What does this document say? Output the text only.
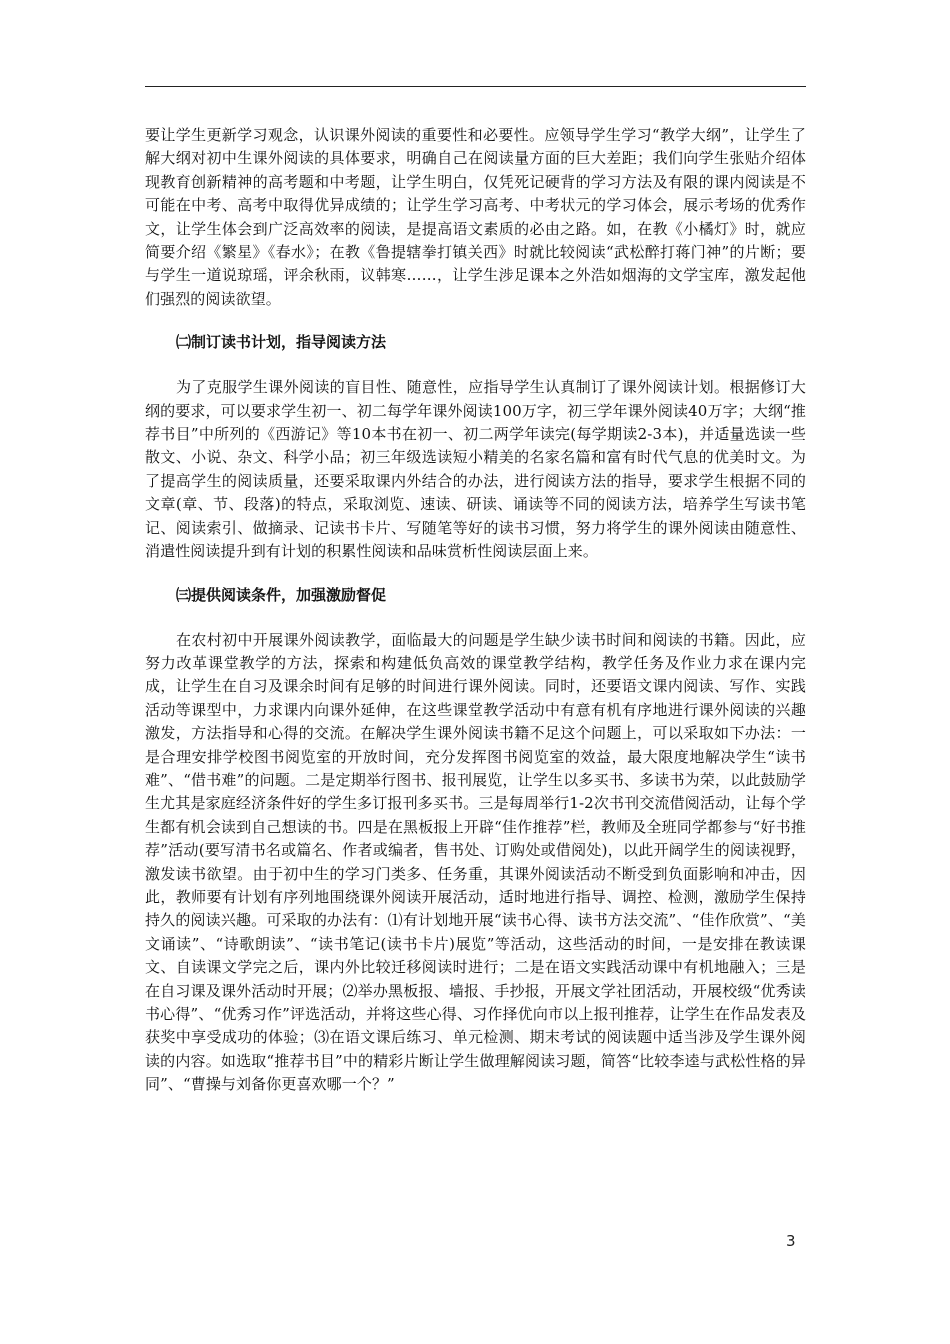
要让学生更新学习观念，认识课外阅读的重要性和必要性。应领导学生学习“教学大纲”，让学生了解大纲对初中生课外阅读的具体要求，明确自己在阅读量方面的巨大差距；我们向学生张贴介绍体现教育创新精神的高考题和中考题，让学生明白，仅凭死记硬背的学习方法及有限的课内阅读是不可能在中考、高考中取得优异成绩的；让学生学习高考、中考状元的学习体会，展示考场的优秀作文，让学生体会到广泛高效率的阅读，是提高语文素质的必由之路。如，在教《小橘灯》时，就应简要介绍《繁星》《春水》；在教《鲁提辖拳打镇关西》时就比较阅读“武松醉打蒋门神”的片断；要与学生一道说琼瑶，评余秋雨，议韩寒……，让学生涉足课本之外浩如烟海的文学宝库，激发起他们强烈的阅读欲望。

㈡制订读书计划，指导阅读方法

为了克服学生课外阅读的盲目性、随意性，应指导学生认真制订了课外阅读计划。根据修订大纲的要求，可以要求学生初一、初二每学年课外阅读100万字，初三学年课外阅读40万字；大纲“推荐书目”中所列的《西游记》等10本书在初一、初二两学年读完(每学期读2-3本)，并适量选读一些散文、小说、杂文、科学小品；初三年级选读短小精美的名家名篇和富有时代气息的优美时文。为了提高学生的阅读质量，还要采取课内外结合的办法，进行阅读方法的指导，要求学生根据不同的文章(章、节、段落)的特点，采取浏览、速读、研读、诵读等不同的阅读方法，培养学生写读书笔记、阅读索引、做摘录、记读书卡片、写随笔等好的读书习惯，努力将学生的课外阅读由随意性、消遣性阅读提升到有计划的积累性阅读和品味赏析性阅读层面上来。

㈢提供阅读条件，加强激励督促

在农村初中开展课外阅读教学，面临最大的问题是学生缺少读书时间和阅读的书籍。因此，应努力改革课堂教学的方法，探索和构建低负高效的课堂教学结构，教学任务及作业力求在课内完成，让学生在自习及课余时间有足够的时间进行课外阅读。同时，还要语文课内阅读、写作、实践活动等课型中，力求课内向课外延伸，在这些课堂教学活动中有意有机有序地进行课外阅读的兴趣激发，方法指导和心得的交流。在解决学生课外阅读书籍不足这个问题上，可以采取如下办法：一是合理安排学校图书阅览室的开放时间，充分发挥图书阅览室的效益，最大限度地解决学生“读书难”、“借书难”的问题。二是定期举行图书、报刊展览，让学生以多买书、多读书为荣，以此鼓励学生尤其是家庭经济条件好的学生多订报刊多买书。三是每周举行1-2次书刊交流借阅活动，让每个学生都有机会读到自己想读的书。四是在黑板报上开辟“佳作推荐”栏，教师及全班同学都参与“好书推荐”活动(要写清书名或篇名、作者或编者，售书处、订购处或借阅处)，以此开阔学生的阅读视野，激发读书欲望。由于初中生的学习门类多、任务重，其课外阅读活动不断受到负面影响和冲击，因此，教师要有计划有序列地围绕课外阅读开展活动，适时地进行指导、调控、检测，激励学生保持持久的阅读兴趣。可采取的办法有：⑴有计划地开展“读书心得、读书方法交流”、“佳作欣赏”、“美文诵读”、“诗歌朗读”、“读书笔记(读书卡片)展览”等活动，这些活动的时间，一是安排在教读课文、自读课文学完之后，课内外比较迁移阅读时进行；二是在语文实践活动课中有机地融入；三是在自习课及课外活动时开展；⑵举办黑板报、墙报、手抄报，开展文学社团活动，开展校级“优秀读书心得”、“优秀习作”评选活动，并将这些心得、习作择优向市以上报刊推荐，让学生在作品发表及获奖中享受成功的体验；⑶在语文课后练习、单元检测、期末考试的阅读题中适当涉及学生课外阅读的内容。如选取“推荐书目”中的精彩片断让学生做理解阅读习题，简答“比较李逵与武松性格的异同”、“曹操与刘备你更喜欢哪一个？”

3
